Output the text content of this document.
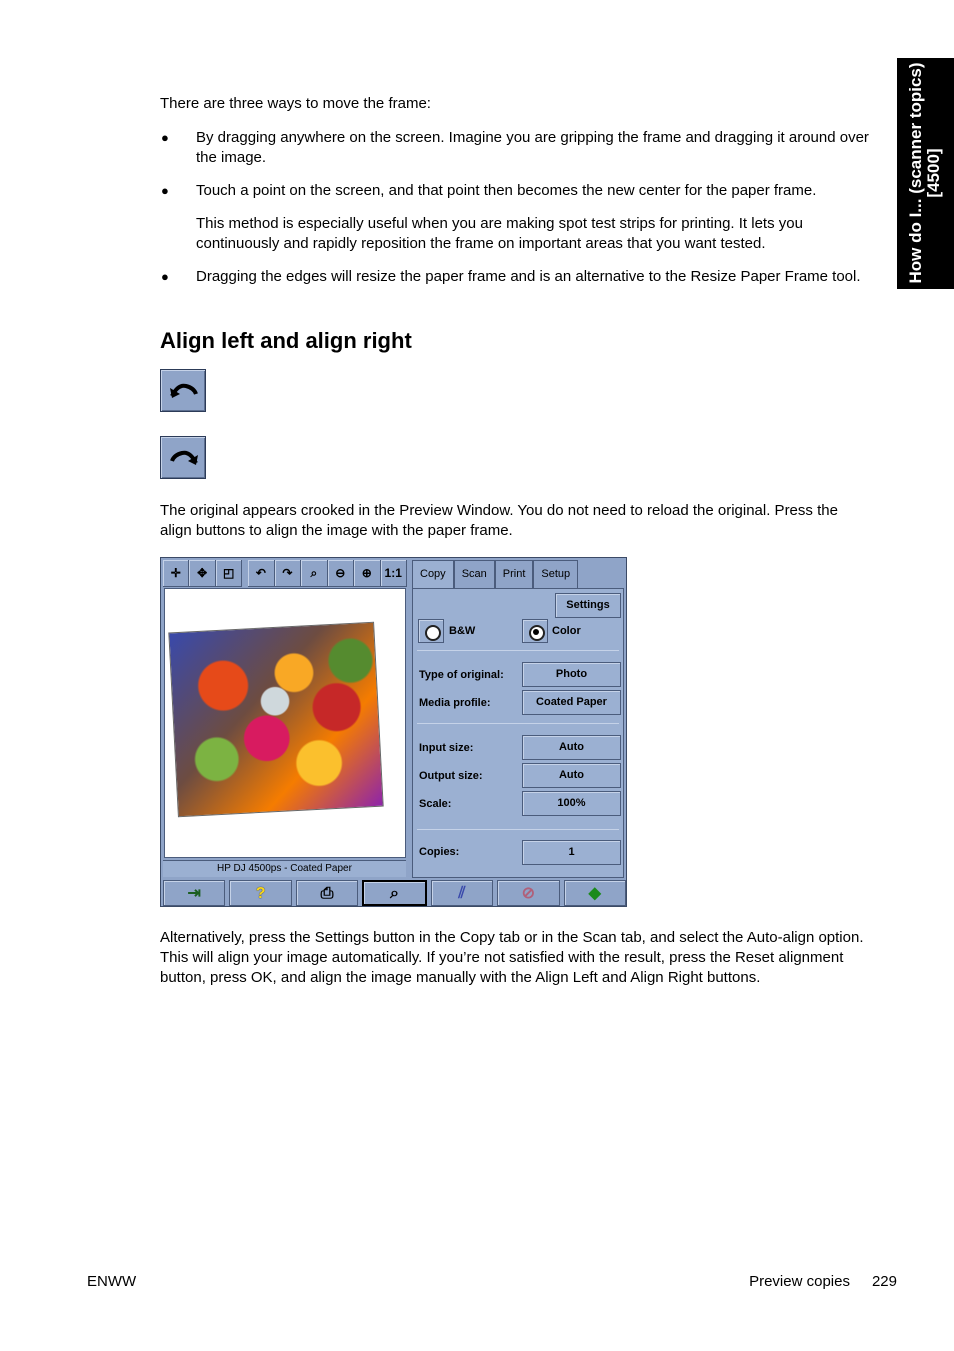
How do I... (scanner topics) [4500]
There are three ways to move the frame:
● By dragging anywhere on the screen. Imagine you are gripping the frame and dragging it around over the image.
● Touch a point on the screen, and that point then becomes the new center for the paper frame.
This method is especially useful when you are making spot test strips for printing. It lets you continuously and rapidly reposition the frame on important areas that you want tested.
● Dragging the edges will resize the paper frame and is an alternative to the Resize Paper Frame tool.
Align left and align right
The original appears crooked in the Preview Window. You do not need to reload the original. Press the align buttons to align the image with the paper frame.
✛ ✥ ◰ ↶ ↷ ⌕ ⊖ ⊕	1:1	Copy	Scan	Print	Setup
HP DJ 4500ps - Coated Paper
Settings
B&W	Color
Type of original:	Photo
Media profile:	Coated Paper
Input size:	Auto
Output size:	Auto
Scale:	100%
Copies:	1
⇥	?	⎙	⌕	⫽	⊘	◆
Alternatively, press the Settings button in the Copy tab or in the Scan tab, and select the Auto-align option. This will align your image automatically. If you’re not satisfied with the result, press the Reset alignment button, press OK, and align the image manually with the Align Left and Align Right buttons.
ENWW	Preview copies 229
